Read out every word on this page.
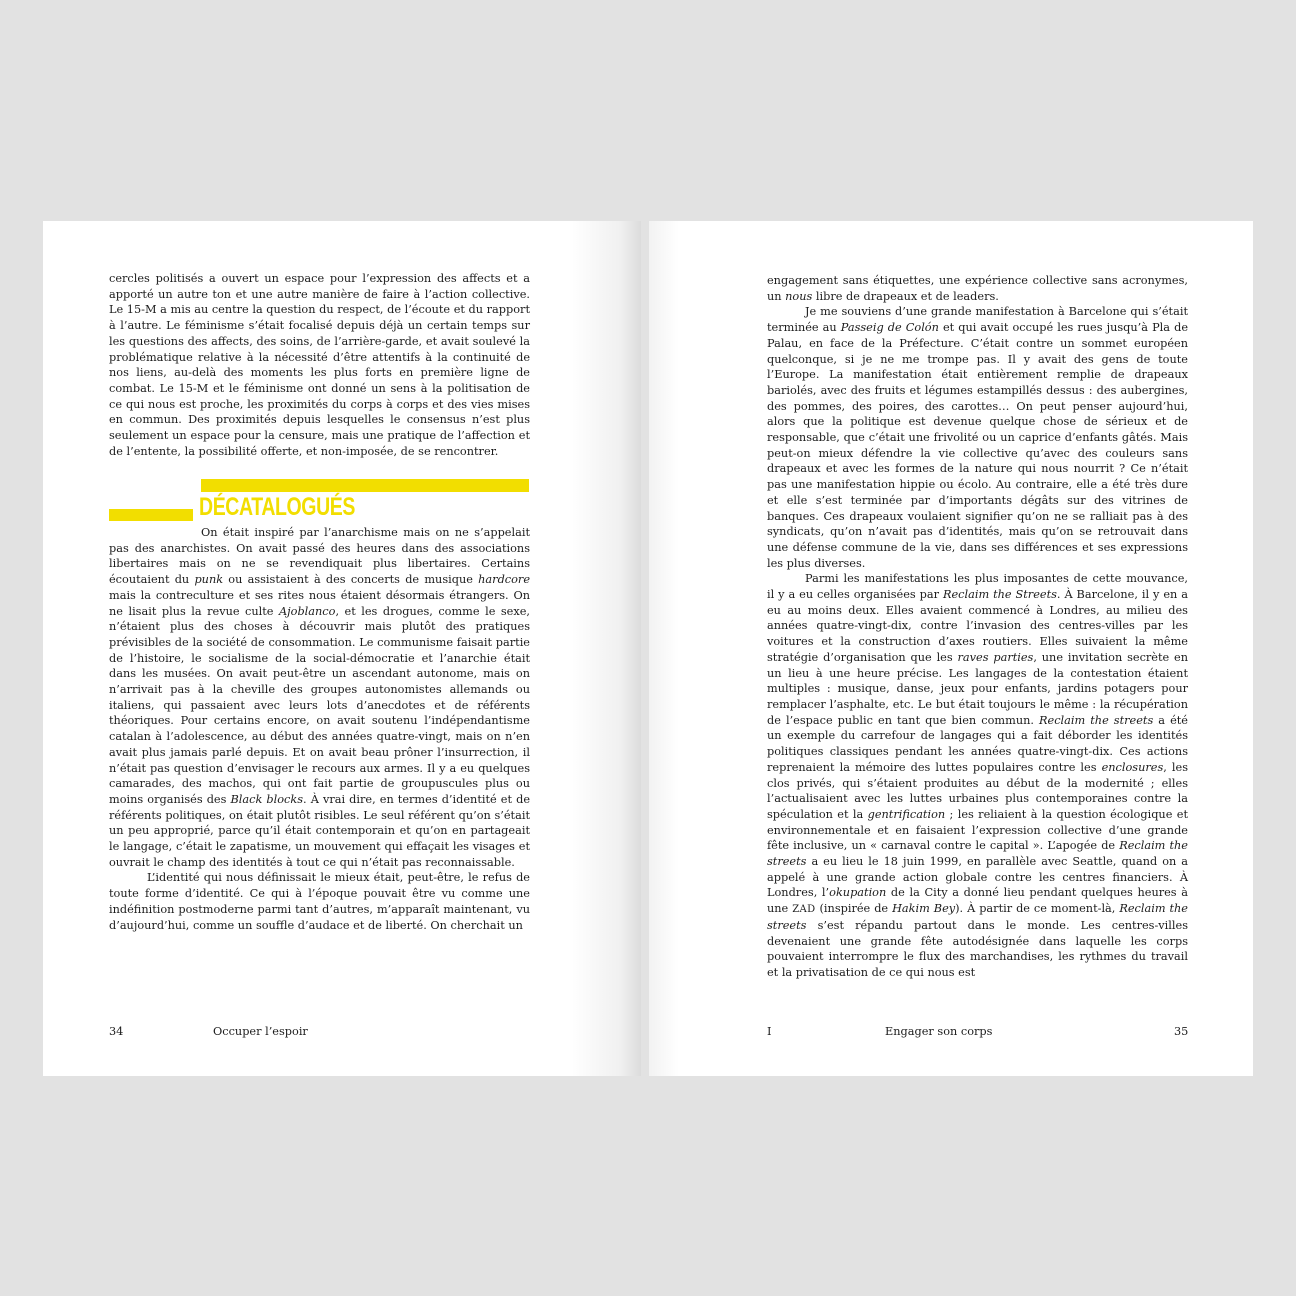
cercles politisés a ouvert un espace pour l’expression des affects et a apporté un autre ton et une autre manière de faire à l’action collective. Le 15-M a mis au centre la question du respect, de l’écoute et du rapport à l’autre. Le féminisme s’était focalisé depuis déjà un certain temps sur les questions des affects, des soins, de l’arrière-garde, et avait soulevé la problématique relative à la nécessité d’être attentifs à la continuité de nos liens, au-delà des moments les plus forts en première ligne de combat. Le 15-M et le féminisme ont donné un sens à la politisation de ce qui nous est proche, les proximités du corps à corps et des vies mises en commun. Des proximités depuis lesquelles le consensus n’est plus seulement un espace pour la censure, mais une pratique de l’affection et de l’entente, la possibilité offerte, et non-imposée, de se rencontrer.

DÉCATALOGUÉS

On était inspiré par l’anarchisme mais on ne s’appelait pas des anarchistes. On avait passé des heures dans des associations libertaires mais on ne se revendiquait plus libertaires. Certains écoutaient du punk ou assistaient à des concerts de musique hardcore mais la contreculture et ses rites nous étaient désormais étrangers. On ne lisait plus la revue culte Ajoblanco, et les drogues, comme le sexe, n’étaient plus des choses à découvrir mais plutôt des pratiques prévisibles de la société de consommation. Le communisme faisait partie de l’histoire, le socialisme de la social-démocratie et l’anarchie était dans les musées. On avait peut-être un ascendant autonome, mais on n’arrivait pas à la cheville des groupes autonomistes allemands ou italiens, qui passaient avec leurs lots d’anecdotes et de référents théoriques. Pour certains encore, on avait soutenu l’indépendantisme catalan à l’adolescence, au début des années quatre-vingt, mais on n’en avait plus jamais parlé depuis. Et on avait beau prôner l’insurrection, il n’était pas question d’envisager le recours aux armes. Il y a eu quelques camarades, des machos, qui ont fait partie de groupuscules plus ou moins organisés des Black blocks. À vrai dire, en termes d’identité et de référents politiques, on était plutôt risibles. Le seul référent qu’on s’était un peu approprié, parce qu’il était contemporain et qu’on en partageait le langage, c’était le zapatisme, un mouvement qui effaçait les visages et ouvrait le champ des identités à tout ce qui n’était pas reconnaissable.

L’identité qui nous définissait le mieux était, peut-être, le refus de toute forme d’identité. Ce qui à l’époque pouvait être vu comme une indéfinition postmoderne parmi tant d’autres, m’apparaît maintenant, vu d’aujourd’hui, comme un souffle d’audace et de liberté. On cherchait un

34	Occuper l’espoir

engagement sans étiquettes, une expérience collective sans acronymes, un nous libre de drapeaux et de leaders.

Je me souviens d’une grande manifestation à Barcelone qui s’était terminée au Passeig de Colón et qui avait occupé les rues jusqu’à Pla de Palau, en face de la Préfecture. C’était contre un sommet européen quelconque, si je ne me trompe pas. Il y avait des gens de toute l’Europe. La manifestation était entièrement remplie de drapeaux bariolés, avec des fruits et légumes estampillés dessus : des aubergines, des pommes, des poires, des carottes… On peut penser aujourd’hui, alors que la politique est devenue quelque chose de sérieux et de responsable, que c’était une frivolité ou un caprice d’enfants gâtés. Mais peut-on mieux défendre la vie collective qu’avec des couleurs sans drapeaux et avec les formes de la nature qui nous nourrit ? Ce n’était pas une manifestation hippie ou écolo. Au contraire, elle a été très dure et elle s’est terminée par d’importants dégâts sur des vitrines de banques. Ces drapeaux voulaient signifier qu’on ne se ralliait pas à des syndicats, qu’on n’avait pas d’identités, mais qu’on se retrouvait dans une défense commune de la vie, dans ses différences et ses expressions les plus diverses.

Parmi les manifestations les plus imposantes de cette mouvance, il y a eu celles organisées par Reclaim the Streets. À Barcelone, il y en a eu au moins deux. Elles avaient commencé à Londres, au milieu des années quatre-vingt-dix, contre l’invasion des centres-villes par les voitures et la construction d’axes routiers. Elles suivaient la même stratégie d’organisation que les raves parties, une invitation secrète en un lieu à une heure précise. Les langages de la contestation étaient multiples : musique, danse, jeux pour enfants, jardins potagers pour remplacer l’asphalte, etc. Le but était toujours le même : la récupération de l’espace public en tant que bien commun. Reclaim the streets a été un exemple du carrefour de langages qui a fait déborder les identités politiques classiques pendant les années quatre-vingt-dix. Ces actions reprenaient la mémoire des luttes populaires contre les enclosures, les clos privés, qui s’étaient produites au début de la modernité ; elles l’actualisaient avec les luttes urbaines plus contemporaines contre la spéculation et la gentrification ; les reliaient à la question écologique et environnementale et en faisaient l’expression collective d’une grande fête inclusive, un « carnaval contre le capital ». L’apogée de Reclaim the streets a eu lieu le 18 juin 1999, en parallèle avec Seattle, quand on a appelé à une grande action globale contre les centres financiers. À Londres, l’okupation de la City a donné lieu pendant quelques heures à une ZAD (inspirée de Hakim Bey). À partir de ce moment-là, Reclaim the streets s’est répandu partout dans le monde. Les centres-villes devenaient une grande fête autodésignée dans laquelle les corps pouvaient interrompre le flux des marchandises, les rythmes du travail et la privatisation de ce qui nous est

I	Engager son corps	35
